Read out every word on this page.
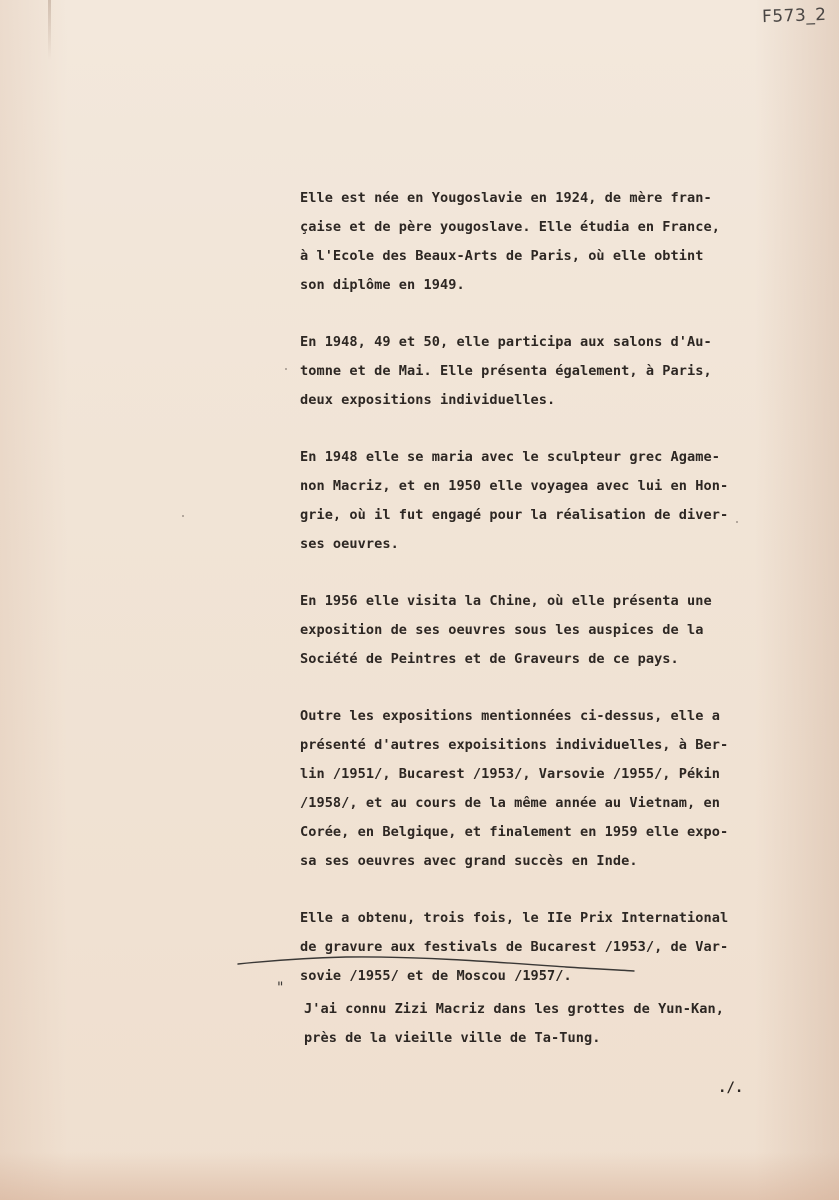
F573_2
Elle est née en Yougoslavie en 1924, de mère fran-
çaise et de père yougoslave. Elle étudia en France,
à l'Ecole des Beaux-Arts de Paris, où elle obtint
son diplôme en 1949.
En 1948, 49 et 50, elle participa aux salons d'Au-
tomne et de Mai. Elle présenta également, à Paris,
deux expositions individuelles.
En 1948 elle se maria avec le sculpteur grec Agame-
non Macriz, et en 1950 elle voyagea avec lui en Hon-
grie, où il fut engagé pour la réalisation de diver-
ses oeuvres.
En 1956 elle visita la Chine, où elle présenta une
exposition de ses oeuvres sous les auspices de la
Société de Peintres et de Graveurs de ce pays.
Outre les expositions mentionnées ci-dessus, elle a
présenté d'autres expoisitions individuelles, à Ber-
lin /1951/, Bucarest /1953/, Varsovie /1955/, Pékin
/1958/, et au cours de la même année au Vietnam, en
Corée, en Belgique, et finalement en 1959 elle expo-
sa ses oeuvres avec grand succès en Inde.
Elle a obtenu, trois fois, le IIe Prix International
de gravure aux festivals de Bucarest /1953/, de Var-
sovie /1955/ et de Moscou /1957/.
"
J'ai connu Zizi Macriz dans les grottes de Yun-Kan,
près de la vieille ville de Ta-Tung.
./.
